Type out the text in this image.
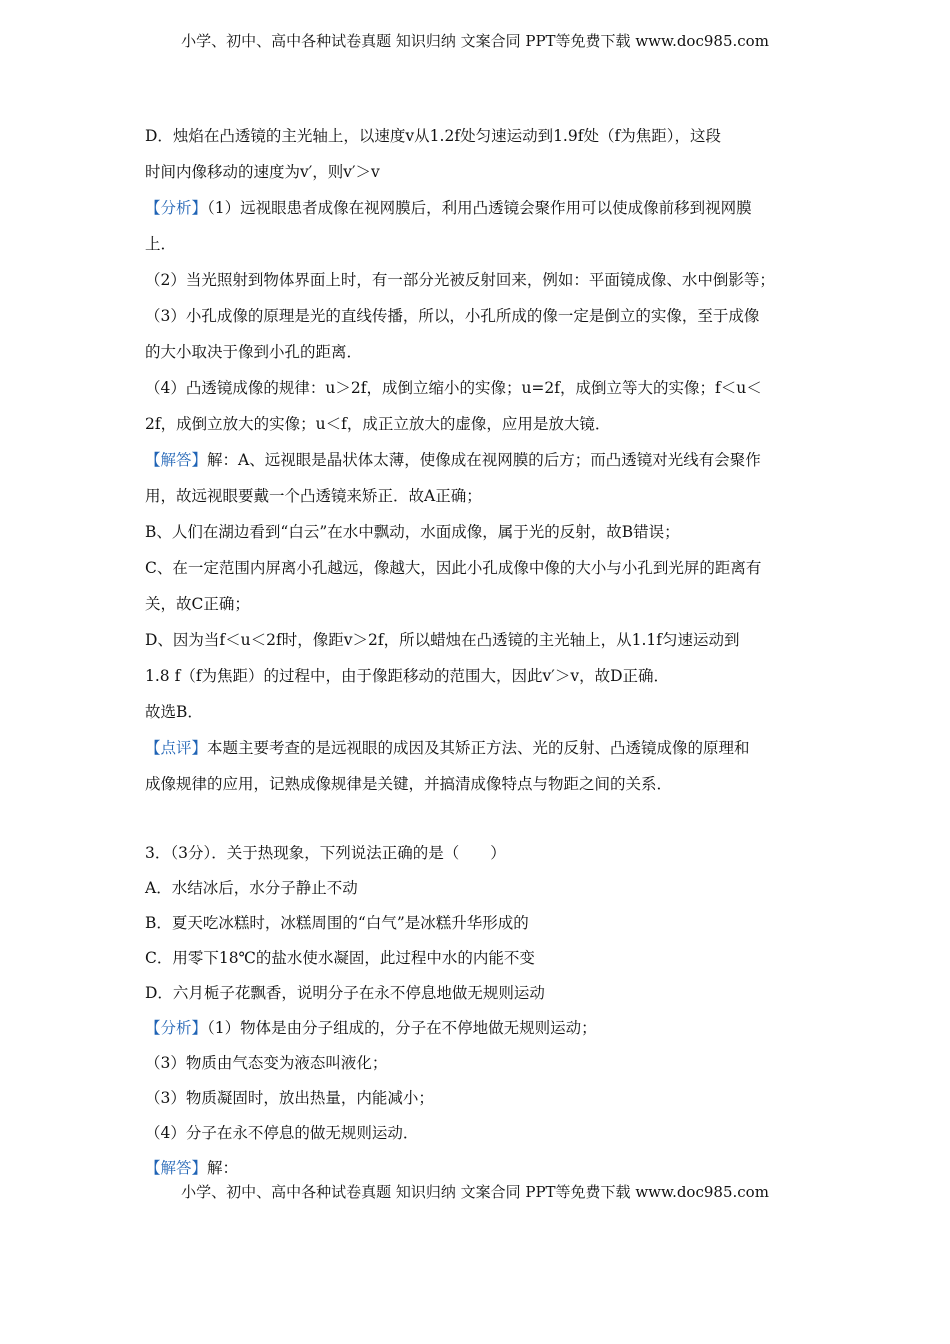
小学、初中、高中各种试卷真题 知识归纳 文案合同 PPT等免费下载 www.doc985.com
D．烛焰在凸透镜的主光轴上，以速度v从1.2f处匀速运动到1.9f处（f为焦距），这段
时间内像移动的速度为v′，则v′＞v
【分析】（1）远视眼患者成像在视网膜后，利用凸透镜会聚作用可以使成像前移到视网膜
上．
（2）当光照射到物体界面上时，有一部分光被反射回来，例如：平面镜成像、水中倒影等；
（3）小孔成像的原理是光的直线传播，所以，小孔所成的像一定是倒立的实像，至于成像
的大小取决于像到小孔的距离．
（4）凸透镜成像的规律：u＞2f，成倒立缩小的实像；u=2f，成倒立等大的实像；f＜u＜
2f，成倒立放大的实像；u＜f，成正立放大的虚像，应用是放大镜．
【解答】解：A、远视眼是晶状体太薄，使像成在视网膜的后方；而凸透镜对光线有会聚作
用，故远视眼要戴一个凸透镜来矫正．故A正确；
B、人们在湖边看到“白云”在水中飘动，水面成像，属于光的反射，故B错误；
C、在一定范围内屏离小孔越远，像越大，因此小孔成像中像的大小与小孔到光屏的距离有
关，故C正确；
D、因为当f＜u＜2f时，像距v＞2f，所以蜡烛在凸透镜的主光轴上，从1.1f匀速运动到
1.8 f（f为焦距）的过程中，由于像距移动的范围大，因此v′＞v，故D正确．
故选B．
【点评】本题主要考查的是远视眼的成因及其矫正方法、光的反射、凸透镜成像的原理和
成像规律的应用，记熟成像规律是关键，并搞清成像特点与物距之间的关系．
3．（3分）．关于热现象，下列说法正确的是（　　）
A．水结冰后，水分子静止不动
B．夏天吃冰糕时，冰糕周围的“白气”是冰糕升华形成的
C．用零下18℃的盐水使水凝固，此过程中水的内能不变
D．六月栀子花飘香，说明分子在永不停息地做无规则运动
【分析】（1）物体是由分子组成的，分子在不停地做无规则运动；
（3）物质由气态变为液态叫液化；
（3）物质凝固时，放出热量，内能减小；
（4）分子在永不停息的做无规则运动．
【解答】解：
小学、初中、高中各种试卷真题 知识归纳 文案合同 PPT等免费下载 www.doc985.com
